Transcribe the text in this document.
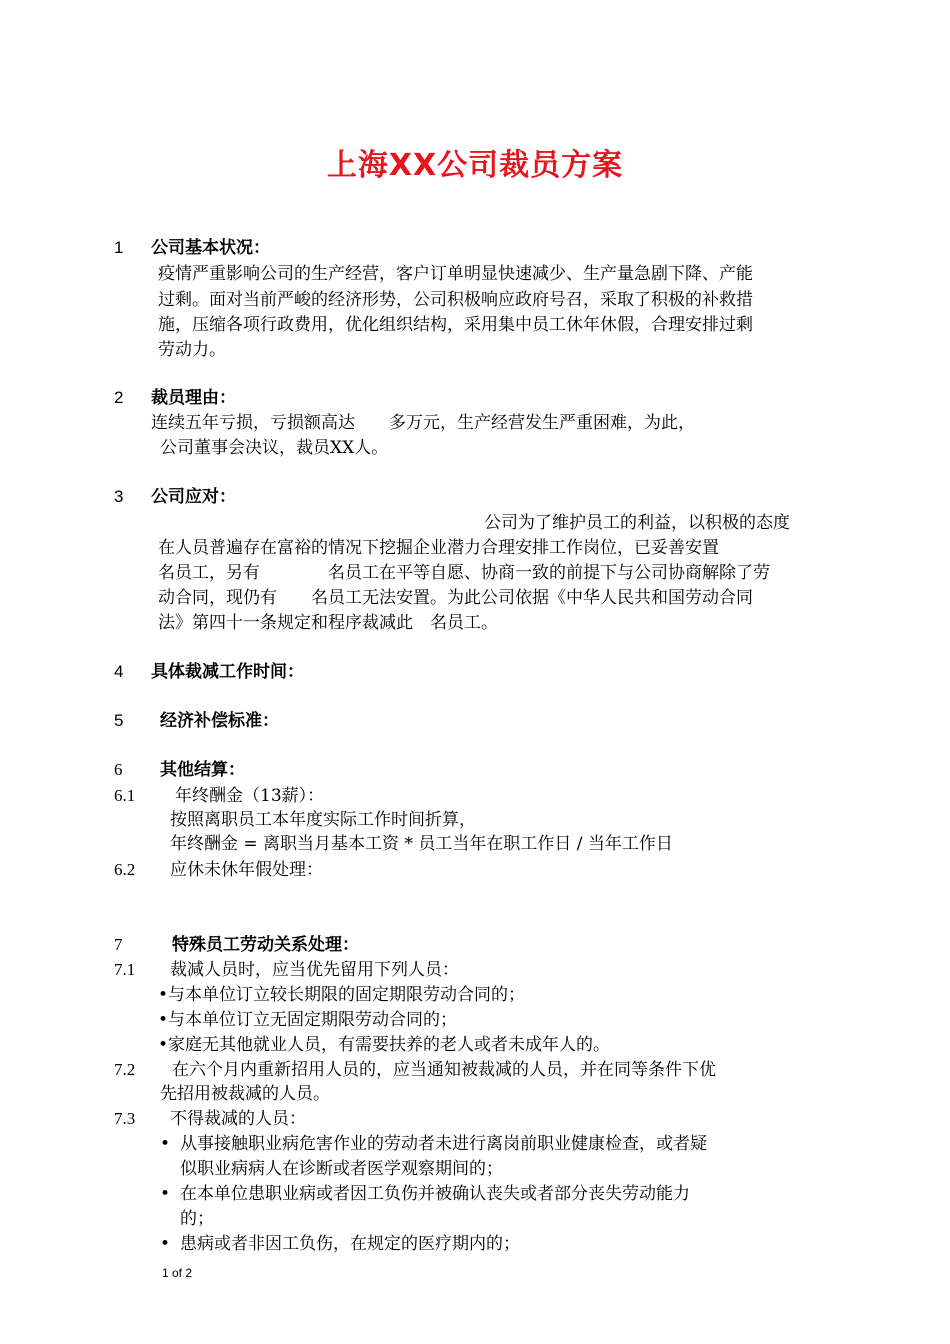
上海XX公司裁员方案
1 公司基本状况：
疫情严重影响公司的生产经营，客户订单明显快速减少、生产量急剧下降、产能
过剩。面对当前严峻的经济形势，公司积极响应政府号召，采取了积极的补救措
施，压缩各项行政费用，优化组织结构，采用集中员工休年休假，合理安排过剩
劳动力。
2 裁员理由：
连续五年亏损，亏损额高达　　多万元，生产经营发生严重困难，为此，
公司董事会决议，裁员XX人。
3 公司应对：
公司为了维护员工的利益，以积极的态度
在人员普遍存在富裕的情况下挖掘企业潜力合理安排工作岗位，已妥善安置
名员工，另有　　　　名员工在平等自愿、协商一致的前提下与公司协商解除了劳
动合同，现仍有　　名员工无法安置。为此公司依据《中华人民共和国劳动合同
法》第四十一条规定和程序裁减此　名员工。
4 具体裁减工作时间：
5 经济补偿标准：
6 其他结算：
6.1 年终酬金（13薪）：
按照离职员工本年度实际工作时间折算，
年终酬金 = 离职当月基本工资 * 员工当年在职工作日 / 当年工作日
6.2 应休未休年假处理：
7	特殊员工劳动关系处理：
7.1 裁减人员时，应当优先留用下列人员：
•与本单位订立较长期限的固定期限劳动合同的；
•与本单位订立无固定期限劳动合同的；
•家庭无其他就业人员，有需要扶养的老人或者未成年人的。
7.2 在六个月内重新招用人员的，应当通知被裁减的人员，并在同等条件下优
先招用被裁减的人员。
7.3 不得裁减的人员：
• 从事接触职业病危害作业的劳动者未进行离岗前职业健康检查，或者疑
似职业病病人在诊断或者医学观察期间的；
• 在本单位患职业病或者因工负伤并被确认丧失或者部分丧失劳动能力
的；
• 患病或者非因工负伤，在规定的医疗期内的；
1 of 2
